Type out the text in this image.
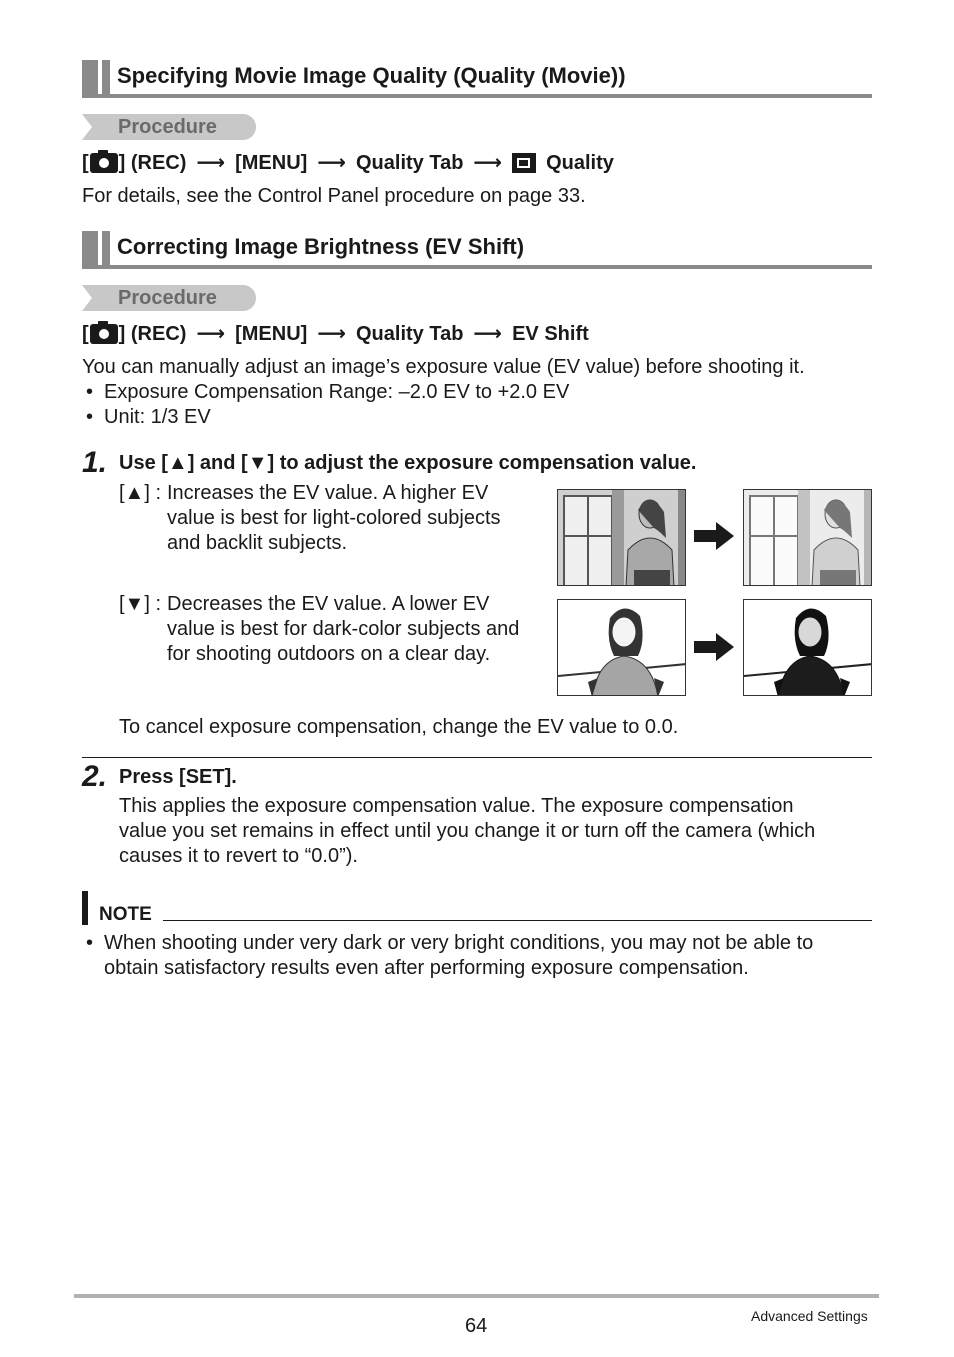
Specifying Movie Image Quality (Quality (Movie))
Procedure
[ ] (REC) ⟶ [MENU] ⟶ Quality Tab ⟶ Quality
For details, see the Control Panel procedure on page 33.
Correcting Image Brightness (EV Shift)
Procedure
[ ] (REC) ⟶ [MENU] ⟶ Quality Tab ⟶ EV Shift
You can manually adjust an image’s exposure value (EV value) before shooting it.
• Exposure Compensation Range: –2.0 EV to +2.0 EV
• Unit: 1/3 EV
1. Use [▲] and [▼] to adjust the exposure compensation value.
[▲] : Increases the EV value. A higher EV
value is best for light-colored subjects
and backlit subjects.
[▼] : Decreases the EV value. A lower EV
value is best for dark-color subjects and
for shooting outdoors on a clear day.
To cancel exposure compensation, change the EV value to 0.0.
2. Press [SET].
This applies the exposure compensation value. The exposure compensation
value you set remains in effect until you change it or turn off the camera (which
causes it to revert to “0.0”).
NOTE
• When shooting under very dark or very bright conditions, you may not be able to
obtain satisfactory results even after performing exposure compensation.
64	Advanced Settings
